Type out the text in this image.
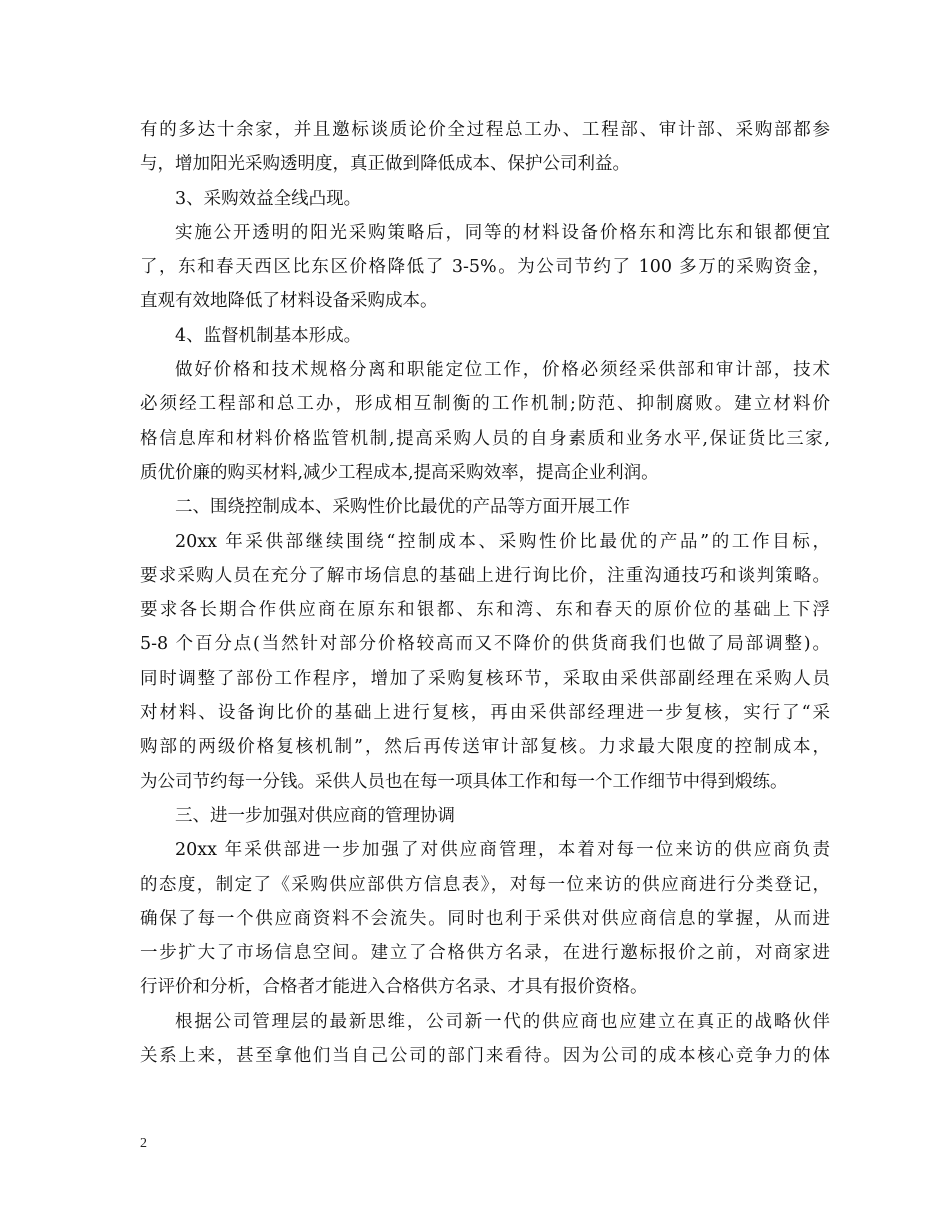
有的多达十余家，并且邀标谈质论价全过程总工办、工程部、审计部、采购部都参
与，增加阳光采购透明度，真正做到降低成本、保护公司利益。
3、采购效益全线凸现。
实施公开透明的阳光采购策略后，同等的材料设备价格东和湾比东和银都便宜
了，东和春天西区比东区价格降低了 3-5%。为公司节约了 100 多万的采购资金，
直观有效地降低了材料设备采购成本。
4、监督机制基本形成。
做好价格和技术规格分离和职能定位工作，价格必须经采供部和审计部，技术
必须经工程部和总工办，形成相互制衡的工作机制;防范、抑制腐败。建立材料价
格信息库和材料价格监管机制,提高采购人员的自身素质和业务水平,保证货比三家,
质优价廉的购买材料,减少工程成本,提高采购效率，提高企业利润。
二、围绕控制成本、采购性价比最优的产品等方面开展工作
20xx 年采供部继续围绕“控制成本、采购性价比最优的产品”的工作目标，
要求采购人员在充分了解市场信息的基础上进行询比价，注重沟通技巧和谈判策略。
要求各长期合作供应商在原东和银都、东和湾、东和春天的原价位的基础上下浮
5-8 个百分点(当然针对部分价格较高而又不降价的供货商我们也做了局部调整)。
同时调整了部份工作程序，增加了采购复核环节，采取由采供部副经理在采购人员
对材料、设备询比价的基础上进行复核，再由采供部经理进一步复核，实行了“采
购部的两级价格复核机制”，然后再传送审计部复核。力求最大限度的控制成本，
为公司节约每一分钱。采供人员也在每一项具体工作和每一个工作细节中得到煅练。
三、进一步加强对供应商的管理协调
20xx 年采供部进一步加强了对供应商管理，本着对每一位来访的供应商负责
的态度，制定了《采购供应部供方信息表》，对每一位来访的供应商进行分类登记，
确保了每一个供应商资料不会流失。同时也利于采供对供应商信息的掌握，从而进
一步扩大了市场信息空间。建立了合格供方名录，在进行邀标报价之前，对商家进
行评价和分析，合格者才能进入合格供方名录、才具有报价资格。
根据公司管理层的最新思维，公司新一代的供应商也应建立在真正的战略伙伴
关系上来，甚至拿他们当自己公司的部门来看待。因为公司的成本核心竞争力的体
2
